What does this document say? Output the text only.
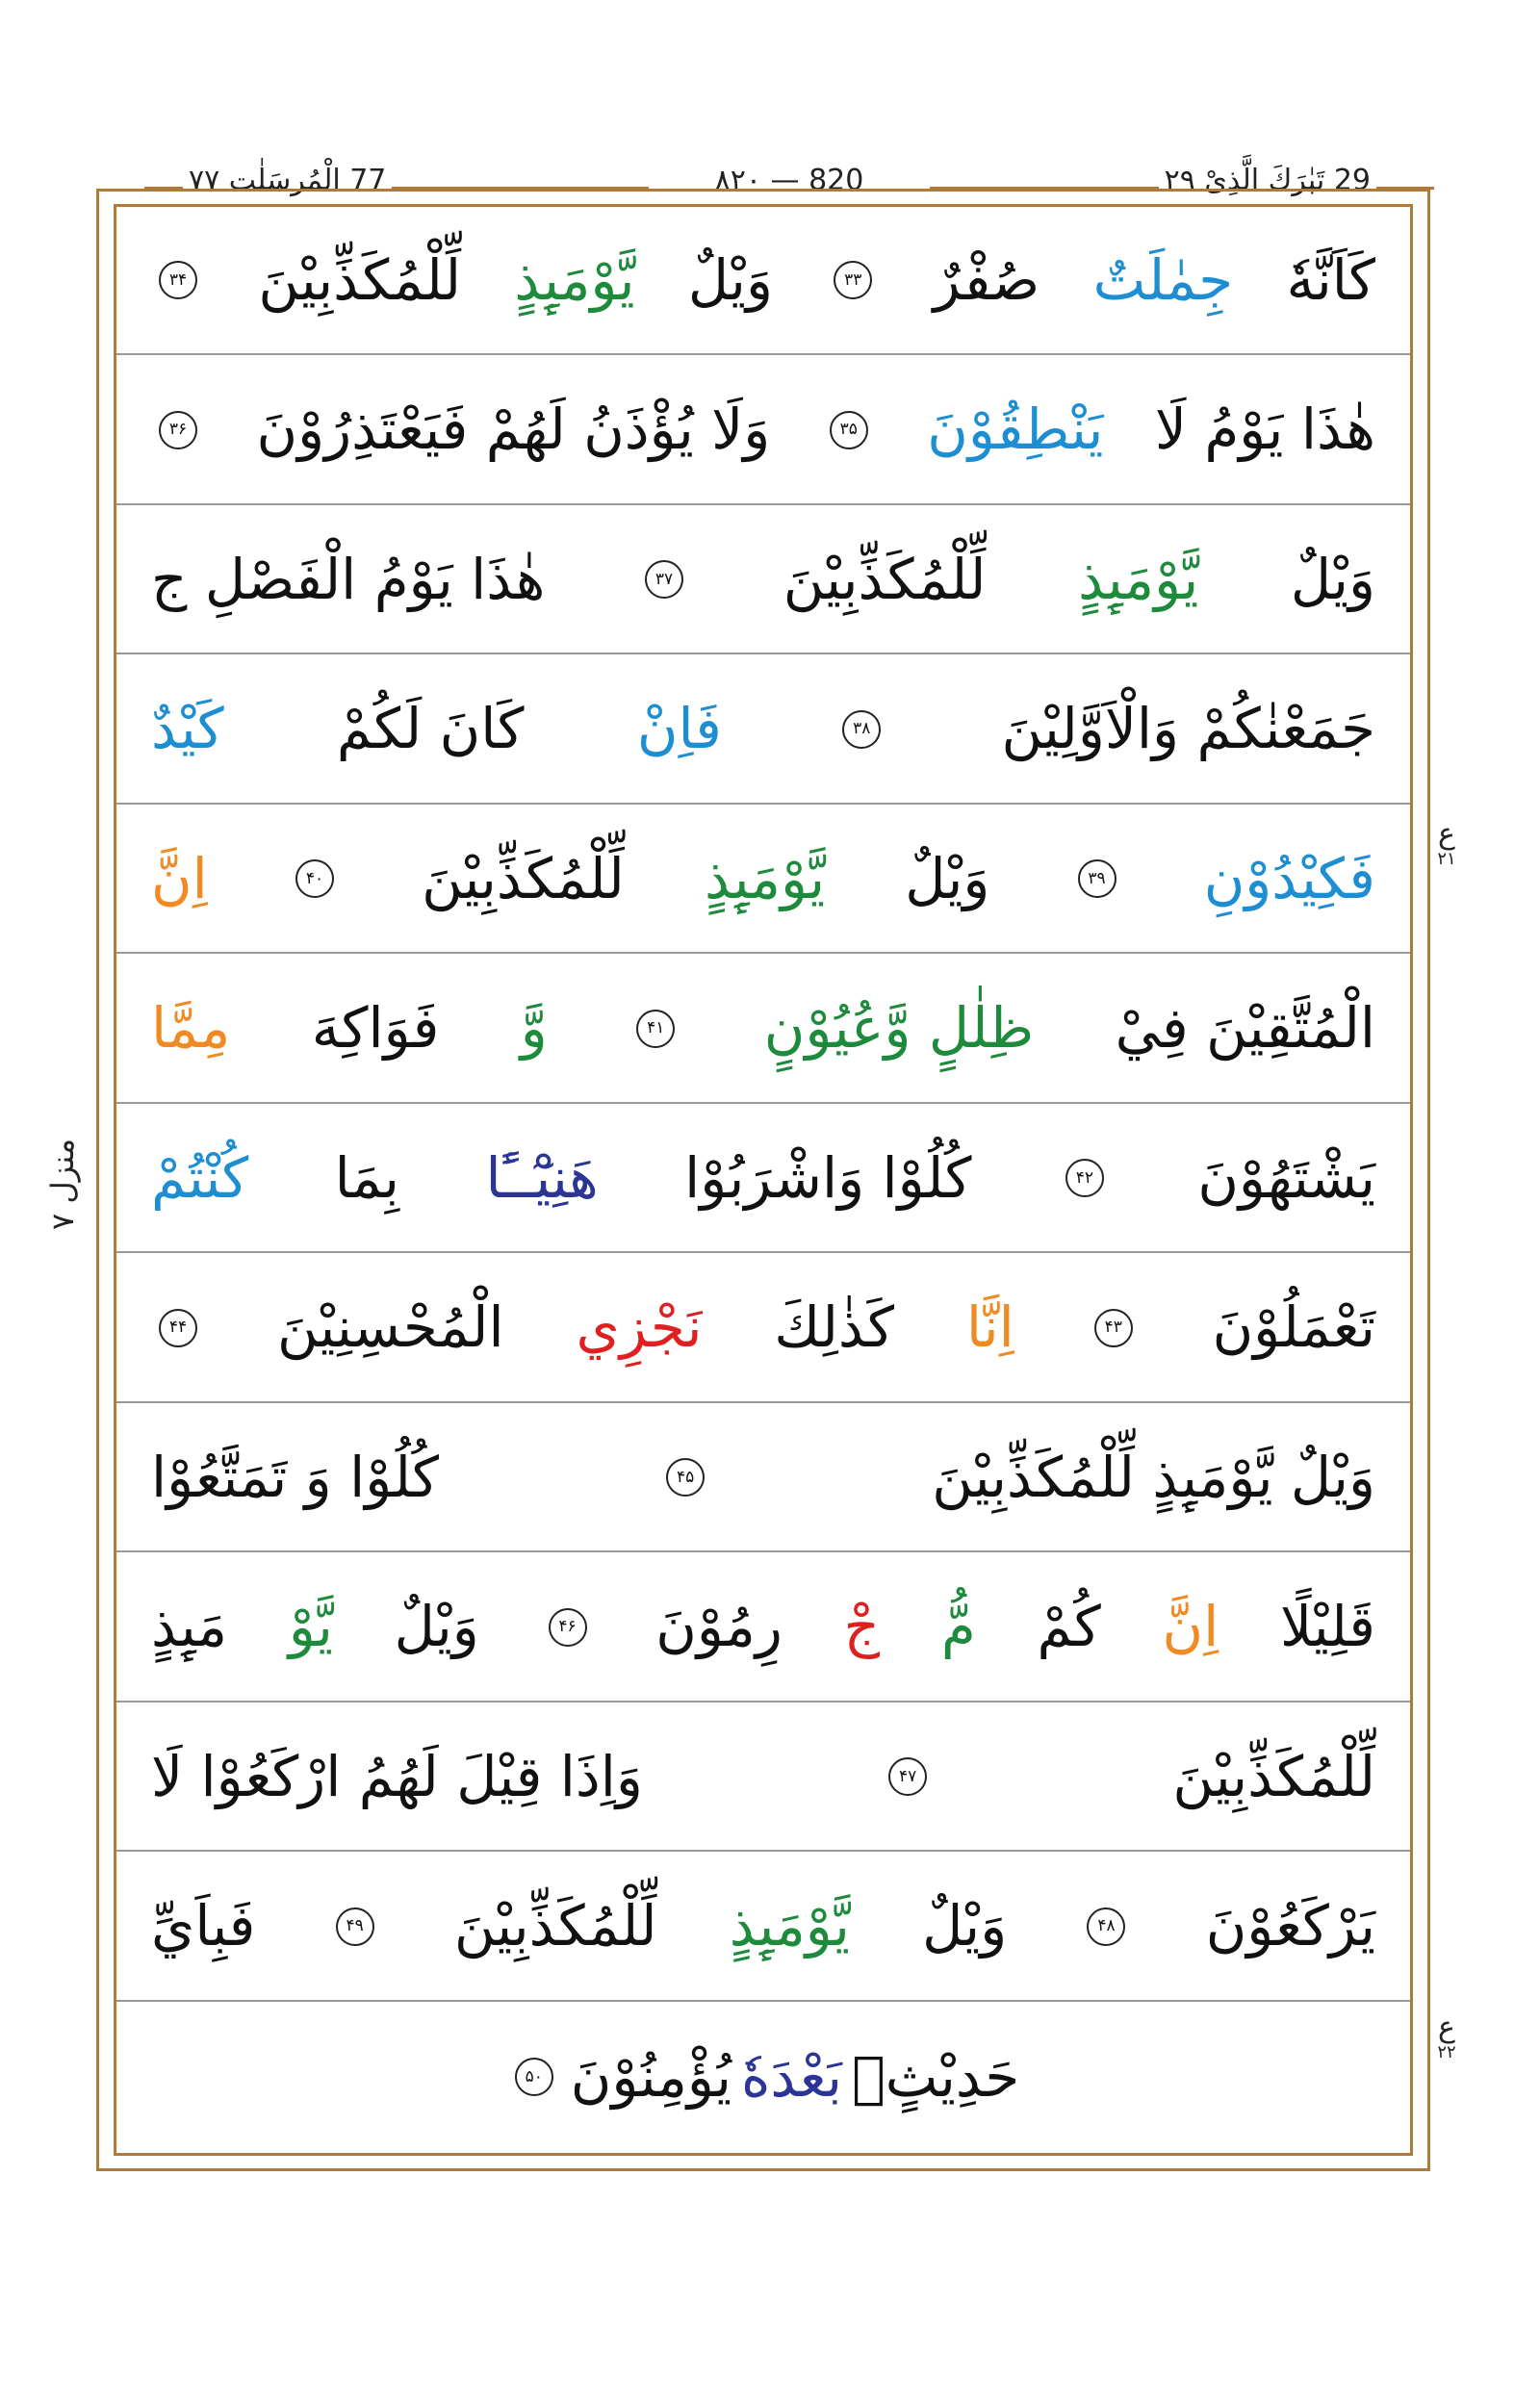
77 الْمُرسَلٰت ۷۷	۸۲۰ — 820	29 تَبٰرَكَ الَّذِیْ ۲۹
كَاَنَّهٗ
جِمٰلَتٌ
صُفْرٌ
۳۳
وَيْلٌ
يَّوْمَىِٕذٍ
لِّلْمُكَذِّبِيْنَ
۳۴
هٰذَا يَوْمُ لَا
يَنْطِقُوْنَ
۳۵
وَلَا يُؤْذَنُ لَهُمْ فَيَعْتَذِرُوْنَ
۳۶
وَيْلٌ
يَّوْمَىِٕذٍ
لِّلْمُكَذِّبِيْنَ
۳۷
هٰذَا يَوْمُ الْفَصْلِ ج
جَمَعْنٰكُمْ وَالْاَوَّلِيْنَ
۳۸
فَاِنْ
كَانَ لَكُمْ
كَيْدٌ
فَكِيْدُوْنِ
۳۹
وَيْلٌ
يَّوْمَىِٕذٍ
لِّلْمُكَذِّبِيْنَ
۴۰
اِنَّ
الْمُتَّقِيْنَ فِيْ
ظِلٰلٍ وَّعُيُوْنٍ
۴۱
وَّ
فَوَاكِهَ
مِمَّا
يَشْتَهُوْنَ
۴۲
كُلُوْا وَاشْرَبُوْا
هَنِيْٓــًٔا
بِمَا
كُنْتُمْ
تَعْمَلُوْنَ
۴۳
اِنَّا
كَذٰلِكَ
نَجْزِي
الْمُحْسِنِيْنَ
۴۴
وَيْلٌ يَّوْمَىِٕذٍ لِّلْمُكَذِّبِيْنَ
۴۵
كُلُوْا وَ تَمَتَّعُوْا
قَلِيْلًا
اِنَّ
كُمْ
مُّ
جْ
رِمُوْنَ
۴۶
وَيْلٌ
يَّوْ
مَىِٕذٍ
لِّلْمُكَذِّبِيْنَ
۴۷
وَاِذَا قِيْلَ لَهُمُ ارْكَعُوْا لَا
يَرْكَعُوْنَ
۴۸
وَيْلٌ
يَّوْمَىِٕذٍ
لِّلْمُكَذِّبِيْنَ
۴۹
فَبِاَيِّ
حَدِيْثٍۭ
بَعْدَهٗ
يُؤْمِنُوْنَ
۵۰
منزل ۷
ع
۲۱
ع
۲۲
